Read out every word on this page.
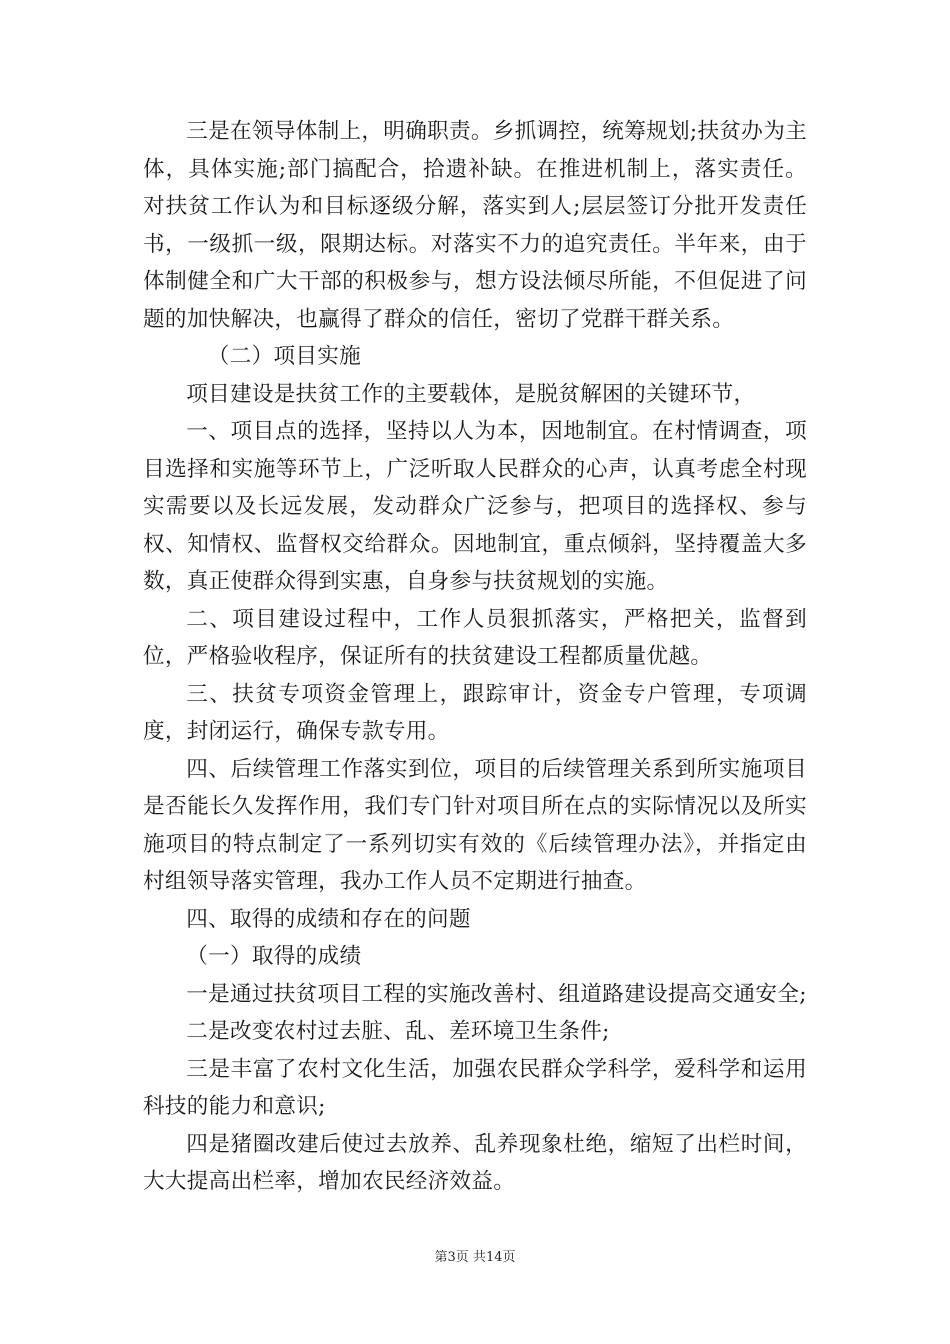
三是在领导体制上，明确职责。乡抓调控，统筹规划;扶贫办为主体，具体实施;部门搞配合，拾遗补缺。在推进机制上，落实责任。对扶贫工作认为和目标逐级分解，落实到人;层层签订分批开发责任书，一级抓一级，限期达标。对落实不力的追究责任。半年来，由于体制健全和广大干部的积极参与，想方设法倾尽所能，不但促进了问题的加快解决，也赢得了群众的信任，密切了党群干群关系。

（二）项目实施

项目建设是扶贫工作的主要载体，是脱贫解困的关键环节，

一、项目点的选择，坚持以人为本，因地制宜。在村情调查，项目选择和实施等环节上，广泛听取人民群众的心声，认真考虑全村现实需要以及长远发展，发动群众广泛参与，把项目的选择权、参与权、知情权、监督权交给群众。因地制宜，重点倾斜，坚持覆盖大多数，真正使群众得到实惠，自身参与扶贫规划的实施。

二、项目建设过程中，工作人员狠抓落实，严格把关，监督到位，严格验收程序，保证所有的扶贫建设工程都质量优越。

三、扶贫专项资金管理上，跟踪审计，资金专户管理，专项调度，封闭运行，确保专款专用。

四、后续管理工作落实到位，项目的后续管理关系到所实施项目是否能长久发挥作用，我们专门针对项目所在点的实际情况以及所实施项目的特点制定了一系列切实有效的《后续管理办法》，并指定由村组领导落实管理，我办工作人员不定期进行抽查。

四、取得的成绩和存在的问题

（一）取得的成绩

一是通过扶贫项目工程的实施改善村、组道路建设提高交通安全;

二是改变农村过去脏、乱、差环境卫生条件;

三是丰富了农村文化生活，加强农民群众学科学，爱科学和运用科技的能力和意识;

四是猪圈改建后使过去放养、乱养现象杜绝，缩短了出栏时间，大大提高出栏率，增加农民经济效益。

第3页 共14页
